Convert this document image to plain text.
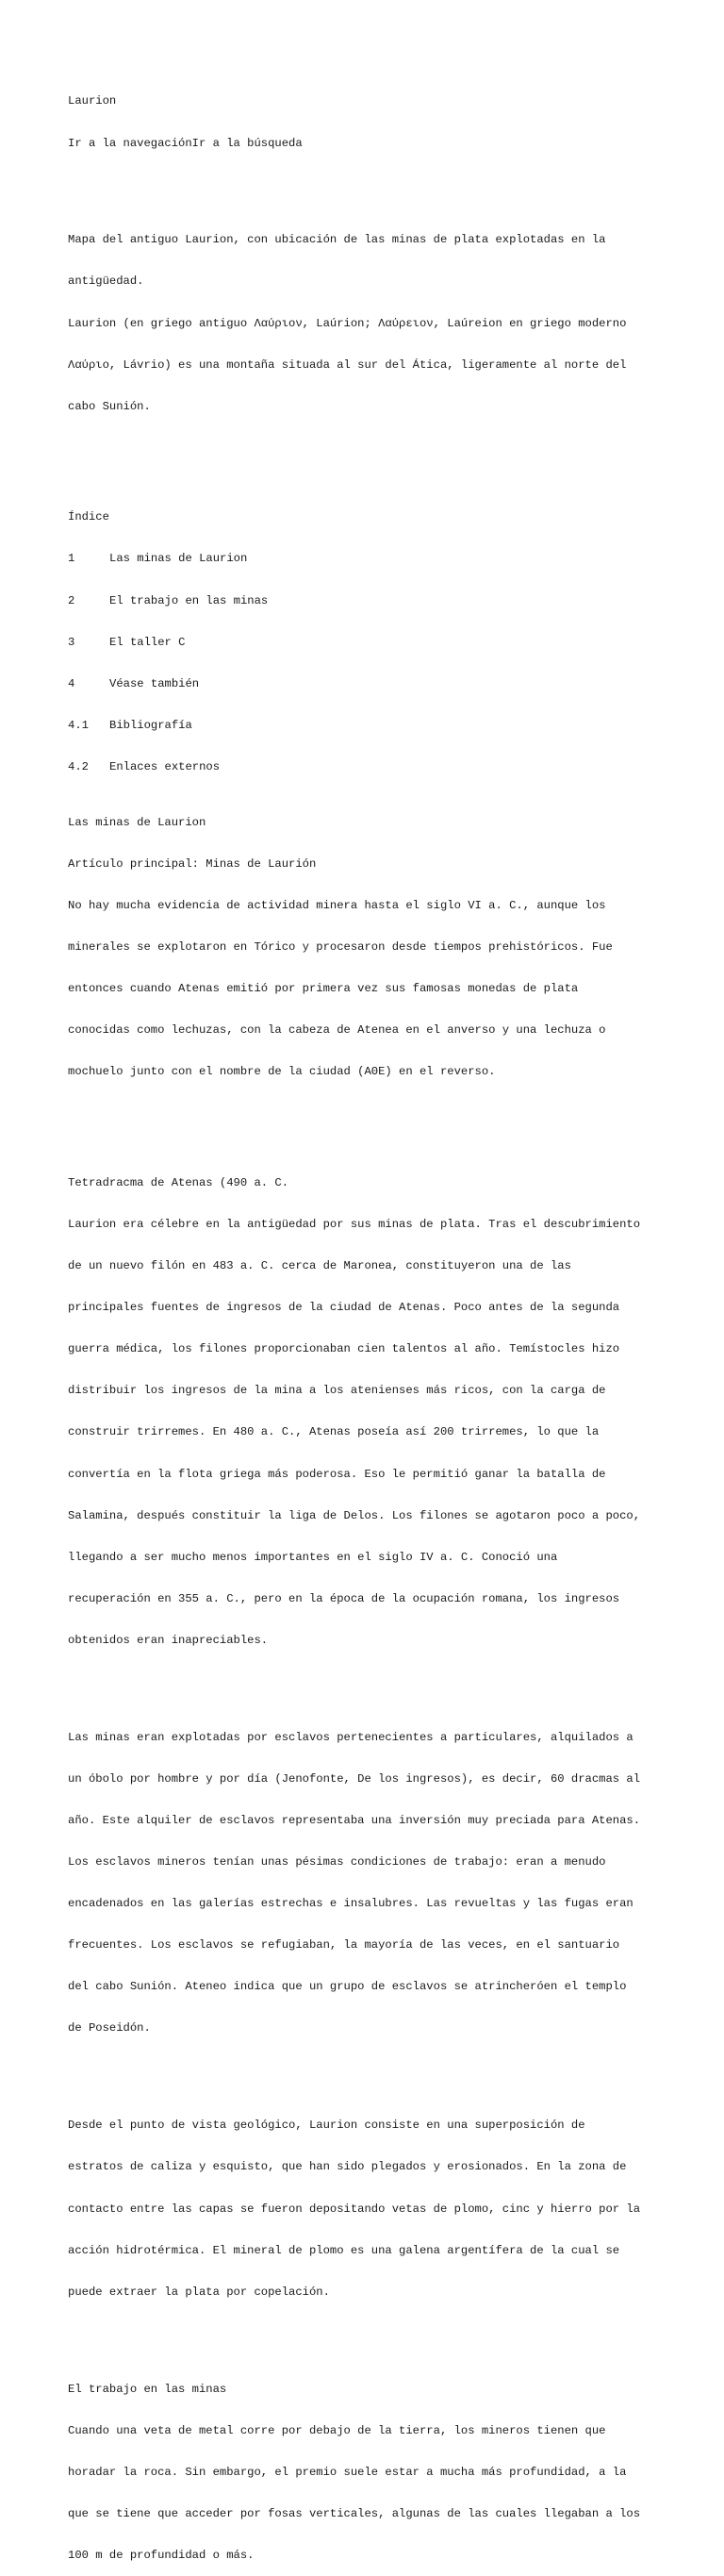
Laurion

Ir a la navegaciónIr a la búsqueda

Mapa del antiguo Laurion, con ubicación de las minas de plata explotadas en la

antigüedad.

Laurion (en griego antiguo Λαύριον, Laúrion; Λαύρειον, Laúreion en griego moderno

Λαύριο, Lávrio) es una montaña situada al sur del Ática, ligeramente al norte del

cabo Sunión.

Índice

1	Las minas de Laurion

2	El trabajo en las minas

3	El taller C

4	Véase también

4.1 Bibliografía

4.2 Enlaces externos

Las minas de Laurion

Artículo principal: Minas de Laurión

No hay mucha evidencia de actividad minera hasta el siglo VI a. C., aunque los

minerales se explotaron en Tórico y procesaron desde tiempos prehistóricos. Fue

entonces cuando Atenas emitió por primera vez sus famosas monedas de plata

conocidas como lechuzas, con la cabeza de Atenea en el anverso y una lechuza o

mochuelo junto con el nombre de la ciudad (ΑΘΕ) en el reverso.

Tetradracma de Atenas (490 a. C.

Laurion era célebre en la antigüedad por sus minas de plata. Tras el descubrimiento

de un nuevo filón en 483 a. C. cerca de Maronea, constituyeron una de las

principales fuentes de ingresos de la ciudad de Atenas. Poco antes de la segunda

guerra médica, los filones proporcionaban cien talentos al año. Temístocles hizo

distribuir los ingresos de la mina a los atenienses más ricos, con la carga de

construir trirremes. En 480 a. C., Atenas poseía así 200 trirremes, lo que la

convertía en la flota griega más poderosa. Eso le permitió ganar la batalla de

Salamina, después constituir la liga de Delos. Los filones se agotaron poco a poco,

llegando a ser mucho menos importantes en el siglo IV a. C. Conoció una

recuperación en 355 a. C., pero en la época de la ocupación romana, los ingresos

obtenidos eran inapreciables.

Las minas eran explotadas por esclavos pertenecientes a particulares, alquilados a

un óbolo por hombre y por día (Jenofonte, De los ingresos), es decir, 60 dracmas al

año. Este alquiler de esclavos representaba una inversión muy preciada para Atenas.

Los esclavos mineros tenían unas pésimas condiciones de trabajo: eran a menudo

encadenados en las galerías estrechas e insalubres. Las revueltas y las fugas eran

frecuentes. Los esclavos se refugiaban, la mayoría de las veces, en el santuario

del cabo Sunión. Ateneo indica que un grupo de esclavos se atrincheróen el templo

de Poseidón.

Desde el punto de vista geológico, Laurion consiste en una superposición de

estratos de caliza y esquisto, que han sido plegados y erosionados. En la zona de

contacto entre las capas se fueron depositando vetas de plomo, cinc y hierro por la

acción hidrotérmica. El mineral de plomo es una galena argentífera de la cual se

puede extraer la plata por copelación.

El trabajo en las minas

Cuando una veta de metal corre por debajo de la tierra, los mineros tienen que

horadar la roca. Sin embargo, el premio suele estar a mucha más profundidad, a la

que se tiene que acceder por fosas verticales, algunas de las cuales llegaban a los

100 m de profundidad o más.
